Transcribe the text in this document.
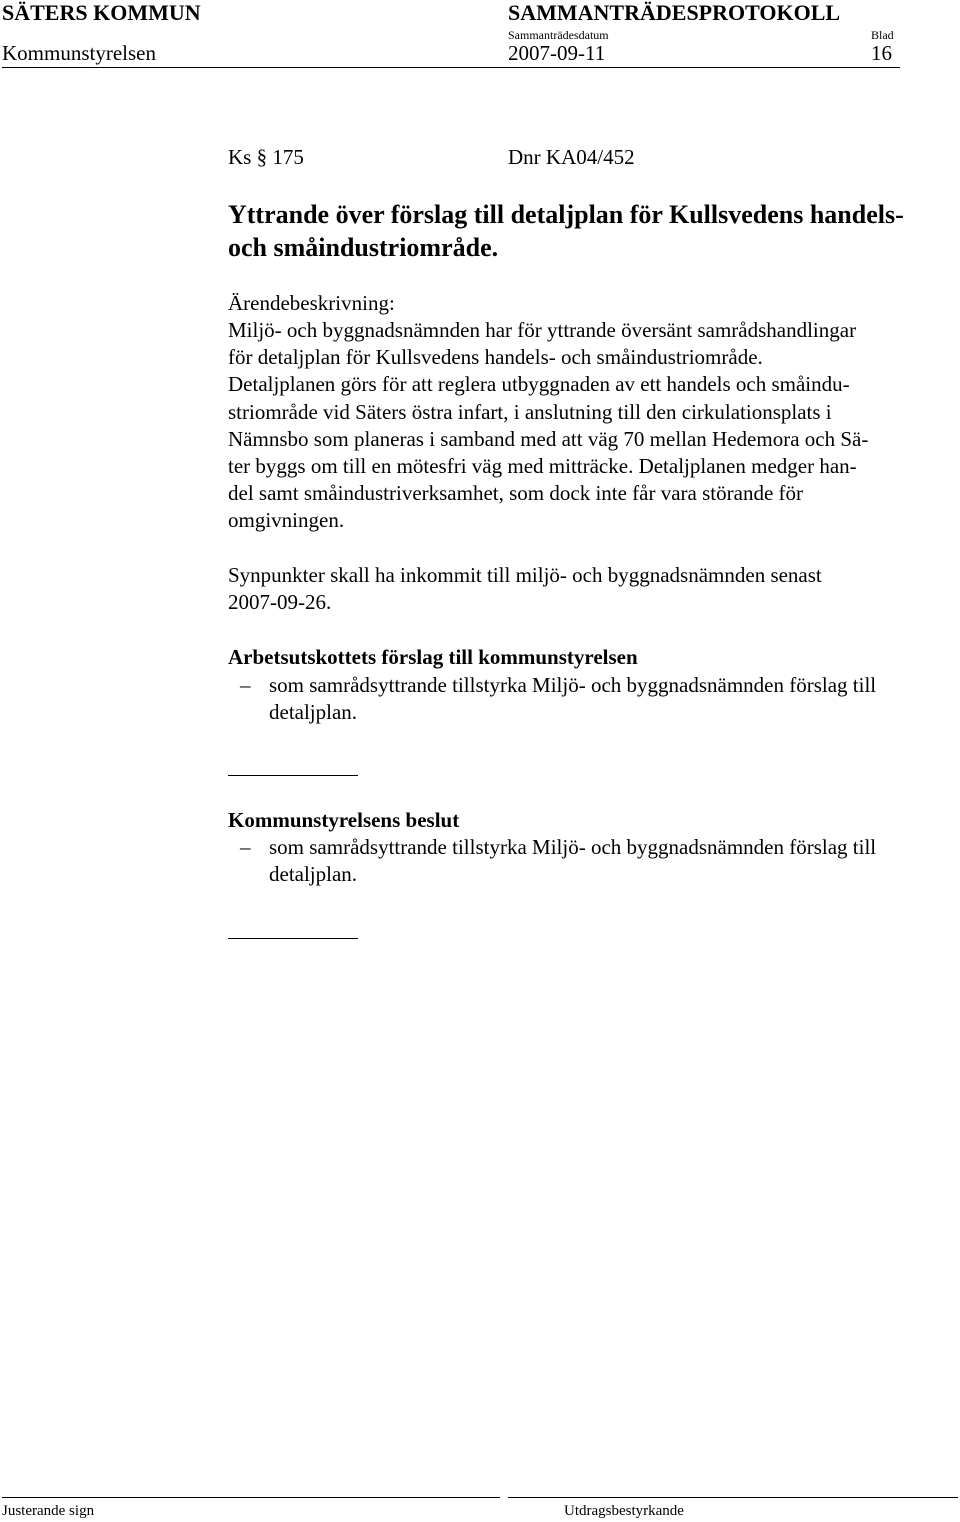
SÄTERS KOMMUN	SAMMANTRÄDESPROTOKOLL
Sammanträdesdatum	Blad
Kommunstyrelsen	2007-09-11	16
Ks § 175	Dnr KA04/452
Yttrande över förslag till detaljplan för Kullsvedens handels-
och småindustriområde.
Ärendebeskrivning:
Miljö- och byggnadsnämnden har för yttrande översänt samrådshandlingar
för detaljplan för Kullsvedens handels- och småindustriområde.
Detaljplanen görs för att reglera utbyggnaden av ett handels och småindu-
striområde vid Säters östra infart, i anslutning till den cirkulationsplats i
Nämnsbo som planeras i samband med att väg 70 mellan Hedemora och Sä-
ter byggs om till en mötesfri väg med mitträcke. Detaljplanen medger han-
del samt småindustriverksamhet, som dock inte får vara störande för
omgivningen.
Synpunkter skall ha inkommit till miljö- och byggnadsnämnden senast
2007-09-26.
Arbetsutskottets förslag till kommunstyrelsen
– som samrådsyttrande tillstyrka Miljö- och byggnadsnämnden förslag till
detaljplan.
Kommunstyrelsens beslut
– som samrådsyttrande tillstyrka Miljö- och byggnadsnämnden förslag till
detaljplan.
Justerande sign	Utdragsbestyrkande
